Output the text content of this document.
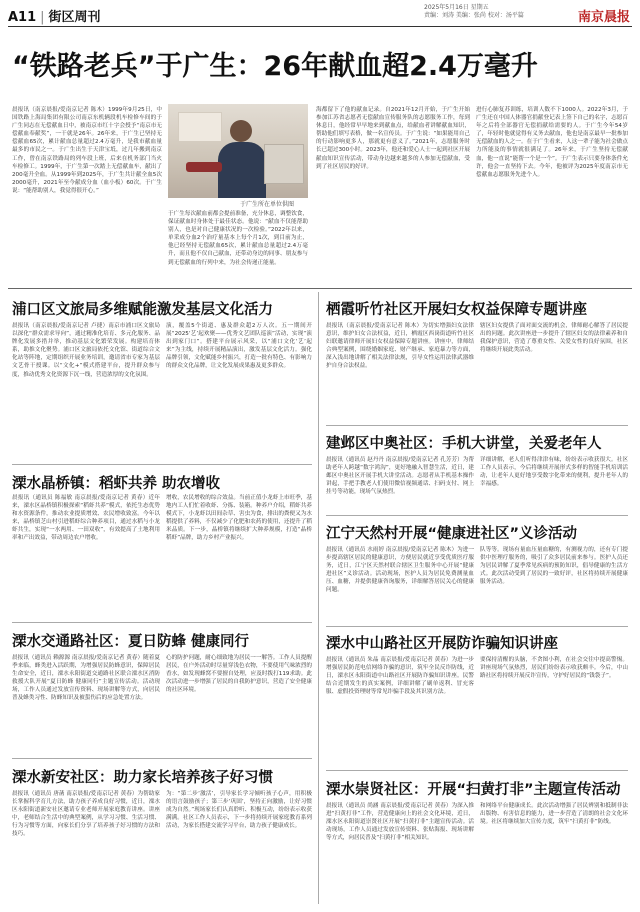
A11 | 街区周刊
2025年5月16日 星期五
责编：刘涛 美编：张尚 校对：汤平篇	南京晨报
“铁路老兵”于广生：26年献血超2.4万毫升
晨报讯（南京晨报/爱南京记者 陈木）1999年9月25日，中国铁路上海局集团有限公司南京东机辆段机车检修车间的于广生同志在无偿献血日中，被南京市红十字会授予“南京市无偿献血奉献奖”，一干就是26年。26年来，于广生已坚持无偿献血65次，累计献血总量超过2.4万毫升，是我市献血量最多的市民之一。于广生出生于天津宝坻，过几年搬到南京工作，曾在南京铁路局的列车段上班，后来在机务部门当火车检修工。1999年，于广生第一次踏上无偿献血车，献出了200毫升全血。从1999年到2025年，于广生共计献全血5次2000毫升，2021年至今献成分血（血小板）60次。于广生说：“能帮助别人，我觉得很开心。”
于广生所在单位供图
于广生每次献血前都会提前准备，充分休息，调整饮食，保证献血时身体处于最佳状态。他说：“献血不仅能帮助别人，也是对自己健康状况的一次检验。”2022年以来，单采成分血2个治疗量基本上每个月1次，到目前为止，他已经坚持无偿献血65次，累计献血总量超过2.4万毫升，而且他不仅自己献血，还带动身边的同事、朋友参与到无偿献血的行列中来，为社会传递正能量。
海都留下了他的献血记录。自2021年12月开始，于广生开始参加江苏省志愿者无偿献血宣传服务队的志愿服务工作，每到休息日，他经常早早地来到献血点，给献血者讲解献血知识，帮助他们填写表格，做一名宣传员。于广生说：“如果能用自己的行动影响更多人，那就更有意义了。”2021年，志愿服务时长已超过300小时。2023年，他还和爱心人士一起到社区开展献血知识宣传活动，带动身边越来越多的人参加无偿献血，受到了社区居民的好评。
进行心肺复苏训练，培训人数不下1000人。2022年3月，于广生还在中国人体器官捐献登记表上签下自己的名字，志愿百年之后将全部器官无偿捐献给需要的人。于广生今年54岁了，年轻时他就觉得有义务去献血，他也是南京最早一批参加无偿献血的人之一。在于广生看来，人这一辈子能为社会做点力所能及的事情就很满足了。26年来，于广生坚持无偿献血，他一直说“能帮一个是一个”。于广生表示只要身体条件允许，他会一直坚持下去。今年，他被评为2025年度南京市无偿献血志愿服务先进个人。
浦口区文旅局多维赋能激发基层文化活力
晨报讯（南京晨报/爱南京记者 卢捷）南京市浦口区文旅局以深化“群众需求导向”，通过精准化培育、多元化服务、品牌化发展多措并举，推动基层文化繁荣发展。构建培育体系，助推文化聚势。浦口区文旅局依托文化馆、街道综合文化站等阵地，定期组织开展业务培训，邀请省市专家为基层文艺骨干授课。以“文化+”模式搭建平台，提升群众参与度，推动优秀文化资源下沉一线，营造浓厚的文化氛围。
演，覆盖5个街道、惠及群众超2万人次。五一期间开展“2025‘艺’起欢聚——优秀文艺团队巡演”活动，实现“演出到家门口”。搭建平台展示风采，以“浦口文化‘艺’起来”为主线，持续开展精品演出，激发基层文化活力。强化品牌引领，文化赋能乡村振兴，打造一批有特色、有影响力的群众文化品牌，让文化发展成果惠及更多群众。
溧水晶桥镇：稻虾共养 助农增收
晨报讯（通讯员 陈福敏 南京晨报/爱南京记者 黄春）近年来，溧水区晶桥镇积极探索“稻虾共养”模式，依托生态优势和水资源条件，推动农业提质增效、农民增收致富。今年以来，晶桥镇芝山村引进稻虾综合种养项目，通过水稻与小龙虾共生，实现“一水两用、一田双收”，有效提高了土地利用率和产出效益，带动周边农户增收。
增收，农民增收的综合效益。当前正值小龙虾上市旺季，基地内工人们忙着收虾、分拣、装箱。种养户介绍，稻虾共养模式下，小龙虾以田间杂草、害虫为食，排出的粪便又为水稻提供了养料，不仅减少了化肥和农药的使用，还提升了稻米品质。下一步，晶桥镇将继续扩大种养规模，打造“晶桥稻虾”品牌，助力乡村产业振兴。
溧水交通路社区：夏日防蜂 健康同行
晨报讯（通讯员 赖源源 南京晨报/爱南京记者 黄春）随着夏季来临，蜂类进入活跃期，为增强居民防蜂意识，保障居民生命安全，近日，溧水永阳街道交通路社区联合溧水区消防救援大队开展“夏日防蜂 健康同行”主题宣传活动。活动现场，工作人员通过发放宣传资料、现场讲解等方式，向居民普及蜂类习性、防蜂知识及被蜇伤后的应急处置方法。
心的防护问题，耐心细致地为居民一一解答。工作人员提醒居民，在户外活动时尽量穿浅色衣物，不要使用气味浓烈的香水，如发现蜂窝不要擅自处理，应及时拨打119求助。此次活动进一步增强了居民的自我防护意识，营造了安全健康的社区环境。
溧水新安社区：助力家长培养孩子好习惯
晨报讯（通讯员 唐菡 南京晨报/爱南京记者 黄春）为帮助家长掌握科学育儿方法，助力孩子养成良好习惯，近日，溧水区永阳街道新安社区邀请专业老师开展家庭教育讲座。讲座中，老师结合生活中的典型案例，从学习习惯、生活习惯、行为习惯等方面，向家长们分享了培养孩子好习惯的方法和技巧。
为：“第二步‘激活’，引导家长学习倾听孩子心声，用积极的语言鼓励孩子；第三步‘巩固’，坚持正向激励，让好习惯成为自然。”现场家长们认真聆听、积极互动，纷纷表示收获满满。社区工作人员表示，下一步将持续开展家庭教育系列活动，为家长搭建交流学习平台，助力孩子健康成长。
栖霞听竹社区开展妇女权益保障专题讲座
晨报讯（南京晨报/爱南京记者 陈木）为切实增强妇女法律意识，维护妇女合法权益，近日，栖霞区西岗街道听竹社区妇联邀请律师开展妇女权益保障专题讲座。讲座中，律师结合典型案例，围绕婚姻家庭、财产继承、家庭暴力等方面，深入浅出地讲解了相关法律法规，引导女性运用法律武器维护自身合法权益。
辖区妇女提供了面对面交流的机会，律师耐心解答了居民提出的问题。此次讲座进一步提升了辖区妇女的法律素养和自我保护意识，营造了尊重女性、关爱女性的良好氛围，社区将继续开展此类活动。
建邺区中奥社区：手机大讲堂，关爱老年人
晨报讯（通讯员 赵丹丹 南京晨报/爱南京记者 孔芳芳）为帮助老年人跨越“数字鸿沟”，更好地融入智慧生活，近日，建邺区中奥社区开展手机大讲堂活动。志愿者从手机基本操作讲起，手把手教老人们使用微信视频通话、扫码支付、网上挂号等功能，现场气氛热烈。
详细讲解，老人们听得津津有味，纷纷表示收获很大。社区工作人员表示，今后将继续开展形式多样的智能手机培训活动，让老年人更好地享受数字化带来的便利，提升老年人的幸福感。
江宁天然村开展“健康进社区”义诊活动
晨报讯（通讯员 水雨婷 南京晨报/爱南京记者 陈木）为进一步提高辖区居民的健康意识，方便居民就近享受优质医疗服务，近日，江宁区天然村联合辖区卫生服务中心开展“健康进社区”义诊活动。活动现场，医护人员为居民免费测量血压、血糖，并提供健康咨询服务，详细解答居民关心的健康问题。
队等等。现场有量血压量血糖的，有测视力的，还有专门提供中医理疗服务的，吸引了众多居民前来参与。医护人员还为居民讲解了夏季常见疾病的预防知识，倡导健康的生活方式。此次活动受到了居民的一致好评，社区将持续开展健康服务活动。
溧水中山路社区开展防诈骗知识讲座
晨报讯（通讯员 朱晶 南京晨报/爱南京记者 黄春）为进一步增强居民防范电信网络诈骗的意识，筑牢全民反诈防线，近日，溧水区永阳街道中山路社区开展防诈骗知识讲座。民警结合近期发生的真实案例，详细讲解了刷单返利、冒充客服、虚假投资理财等常见诈骗手段及其识别方法。
要保持清醒的头脑，不贪图小利，在社会交往中提高警惕。讲座现场气氛热烈，居民们纷纷表示收获颇丰。今后，中山路社区将持续开展反诈宣传，守护好居民的“钱袋子”。
溧水崇贤社区：开展“扫黄打非”主题宣传活动
晨报讯（通讯员 尚涵 南京晨报/爱南京记者 黄春）为深入推进“扫黄打非”工作，营造健康向上的社会文化环境，近日，溧水区永阳街道崇贤社区开展“扫黄打非”主题宣传活动。活动现场，工作人员通过发放宣传资料、张贴海报、现场讲解等方式，向居民普及“扫黄打非”相关知识。
和网络平台健康成长。此次活动增强了居民辨别和抵制非法出版物、有害信息的能力，进一步营造了清朗的社会文化环境。社区将继续加大宣传力度，筑牢“扫黄打非”防线。
